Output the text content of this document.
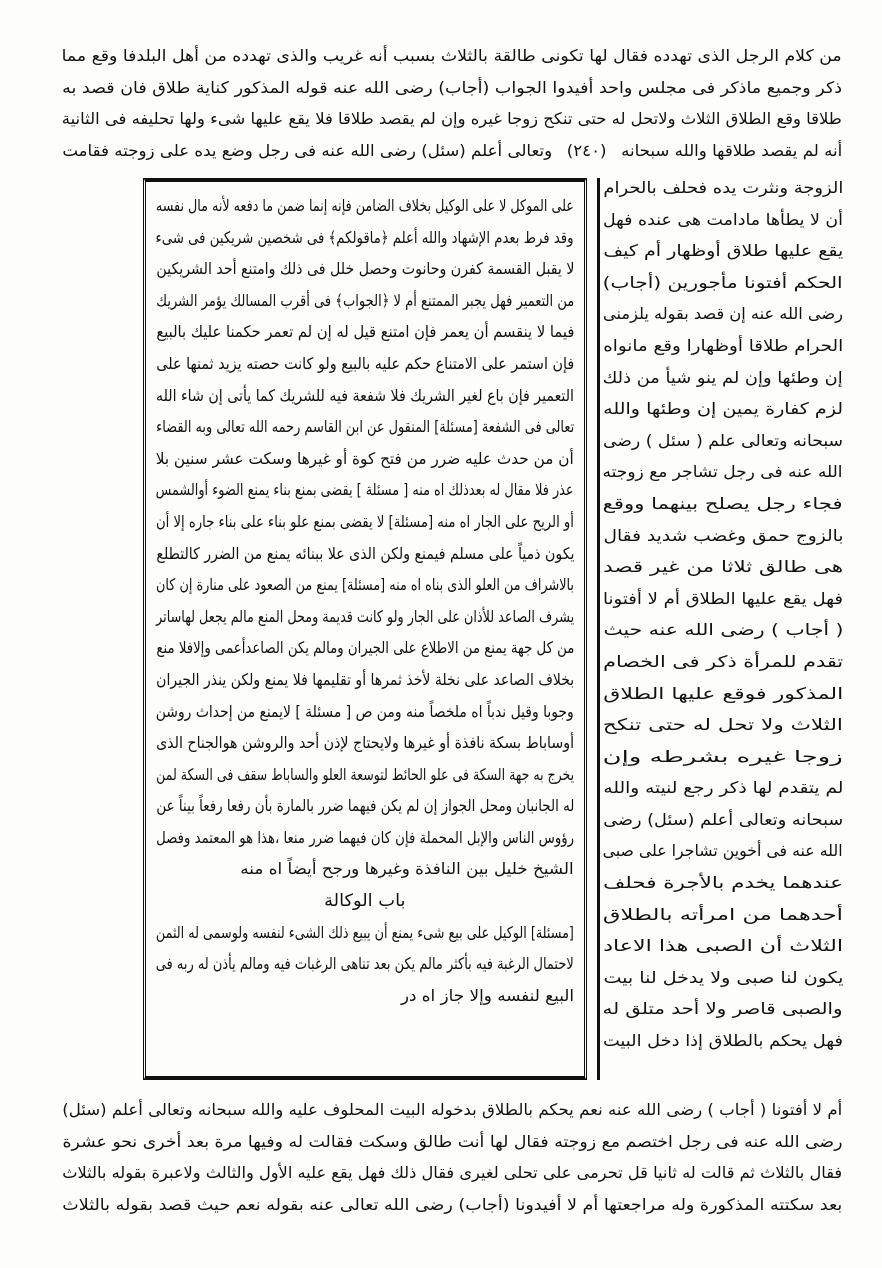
من كلام الرجل الذى تهدده فقال لها تكونى طالقة بالثلاث بسبب أنه غريب والذى تهدده من أهل البلدفا وقع مما
ذكر وجميع ماذكر فى مجلس واحد أفيدوا الجواب (أجاب) رضى الله عنه قوله المذكور كناية طلاق فان قصد به
طلاقا وقع الطلاق الثلاث ولاتحل له حتى تنكح زوجا غيره وإن لم يقصد طلاقا فلا يقع عليها شىء ولها تحليفه فى الثانية
أنه لم يقصد طلاقها والله سبحانه(٢٤٠)وتعالى أعلم (سئل) رضى الله عنه فى رجل وضع يده على زوجته فقامت
على الموكل لا على الوكيل بخلاف الضامن فإنه إنما ضمن ما دفعه لأنه مال نفسه
وقد فرط بعدم الإشهاد والله أعلم ﴿ماقولكم﴾ فى شخصين شريكين فى شىء
لا يقبل القسمة كفرن وحانوت وحصل خلل فى ذلك وامتنع أحد الشريكين
من التعمير فهل يجبر الممتنع أم لا ﴿الجواب﴾ فى أقرب المسالك يؤمر الشريك
فيما لا ينقسم أن يعمر فإن امتنع قيل له إن لم تعمر حكمنا عليك بالبيع
فإن استمر على الامتناع حكم عليه بالبيع ولو كانت حصته يزيد ثمنها على
التعمير فإن باع لغير الشريك فلا شفعة فيه للشريك كما يأتى إن شاء الله
تعالى فى الشفعة [مسئلة] المنقول عن ابن القاسم رحمه الله تعالى وبه القضاء
أن من حدث عليه ضرر من فتح كوة أو غيرها وسكت عشر سنين بلا
عذر فلا مقال له بعدذلك اه منه [ مسئلة ] يقضى بمنع بناء يمنع الضوء أوالشمس
أو الريح على الجار اه منه [مسئلة] لا يقضى بمنع علو بناء على بناء جاره إلا أن
يكون ذمياً على مسلم فيمنع ولكن الذى علا ببنائه يمنع من الضرر كالتطلع
بالاشراف من العلو الذى بناه اه منه [مسئلة] يمنع من الصعود على منارة إن كان
يشرف الصاعد للأذان على الجار ولو كانت قديمة ومحل المنع مالم يجعل لهاساتر
من كل جهة يمنع من الاطلاع على الجيران ومالم يكن الصاعدأعمى وإلافلا منع
بخلاف الصاعد على نخلة لأخذ ثمرها أو تقليمها فلا يمنع ولكن ينذر الجيران
وجوبا وقيل ندباً اه ملخصاً منه ومن ص [ مسئلة ] لايمنع من إحداث روشن
أوساباط بسكة نافذة أو غيرها ولايحتاج لإذن أحد والروشن هوالجناح الذى
يخرج به جهة السكة فى علو الحائط لتوسعة العلو والساباط سقف فى السكة لمن
له الجانبان ومحل الجواز إن لم يكن فيهما ضرر بالمارة بأن رفعا رفعاً بيناً عن
رؤوس الناس والإبل المحملة فإن كان فيهما ضرر منعا ،هذا هو المعتمد وفصل
الشيخ خليل بين النافذة وغيرها ورجح أيضاً اه منه
باب الوكالة
[مسئلة] الوكيل على بيع شىء يمنع أن يبيع ذلك الشىء لنفسه ولوسمى له الثمن
لاحتمال الرغبة فيه بأكثر مالم يكن بعد تناهى الرغبات فيه ومالم يأذن له ربه فى
البيع لنفسه وإلا جاز اه در
الزوجة ونثرت يده فحلف بالحرام
أن لا يطأها مادامت هى عنده فهل
يقع عليها طلاق أوظهار أم كيف
الحكم أفتونا مأجورين (أجاب)
رضى الله عنه إن قصد بقوله يلزمنى
الحرام طلاقا أوظهارا وقع مانواه
إن وطئها وإن لم ينو شيأ من ذلك
لزم كفارة يمين إن وطئها والله
سبحانه وتعالى علم ( سئل ) رضى
الله عنه فى رجل تشاجر مع زوجته
فجاء رجل يصلح بينهما ووقع
بالزوج حمق وغضب شديد فقال
هى طالق ثلاثا من غير قصد
فهل يقع عليها الطلاق أم لا أفتونا
( أجاب ) رضى الله عنه حيث
تقدم للمرأة ذكر فى الخصام
المذكور فوقع عليها الطلاق
الثلاث ولا تحل له حتى تنكح
زوجا غيره بشرطه وإن
لم يتقدم لها ذكر رجع لنيته والله
سبحانه وتعالى أعلم (سئل) رضى
الله عنه فى أخوين تشاجرا على صبى
عندهما يخدم بالأجرة فحلف
أحدهما من امرأته بالطلاق
الثلاث أن الصبى هذا الاعاد
يكون لنا صبى ولا يدخل لنا بيت
والصبى قاصر ولا أحد متلق له
فهل يحكم بالطلاق إذا دخل البيت
أم لا أفتونا ( أجاب ) رضى الله عنه نعم يحكم بالطلاق بدخوله البيت المحلوف عليه والله سبحانه وتعالى أعلم (سئل)
رضى الله عنه فى رجل اختصم مع زوجته فقال لها أنت طالق وسكت فقالت له وفيها مرة بعد أخرى نحو عشرة
فقال بالثلاث ثم قالت له ثانيا قل تحرمى على تحلى لغيرى فقال ذلك فهل يقع عليه الأول والثالث ولاعبرة بقوله بالثلاث
بعد سكتته المذكورة وله مراجعتها أم لا أفيدونا (أجاب) رضى الله تعالى عنه بقوله نعم حيث قصد بقوله بالثلاث
